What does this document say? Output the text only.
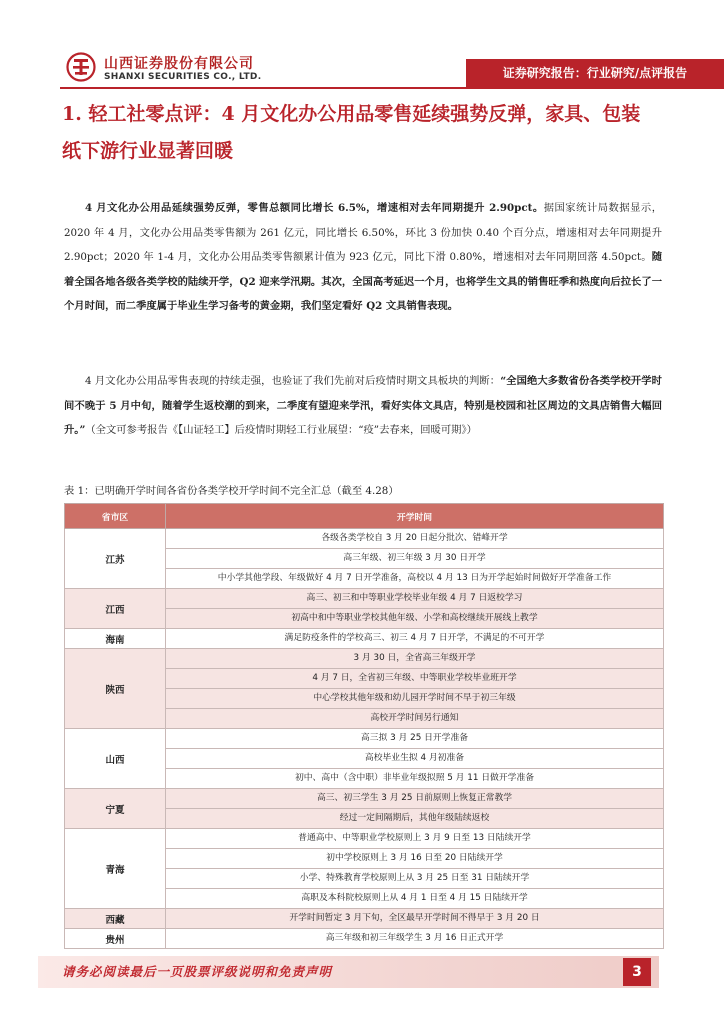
山西证券股份有限公司
SHANXI SECURITIES CO., LTD.	证券研究报告：行业研究/点评报告
1. 轻工社零点评：4 月文化办公用品零售延续强势反弹，家具、包装
纸下游行业显著回暖

4 月文化办公用品延续强势反弹，零售总额同比增长 6.5%，增速相对去年同期提升 2.90pct。据国家统计局数据显示，2020 年 4 月，文化办公用品类零售额为 261 亿元，同比增长 6.50%，环比 3 份加快 0.40 个百分点，增速相对去年同期提升 2.90pct；2020 年 1-4 月，文化办公用品类零售额累计值为 923 亿元，同比下滑 0.80%，增速相对去年同期回落 4.50pct。随着全国各地各级各类学校的陆续开学，Q2 迎来学汛期。其次，全国高考延迟一个月，也将学生文具的销售旺季和热度向后拉长了一个月时间，而二季度属于毕业生学习备考的黄金期，我们坚定看好 Q2 文具销售表现。

4 月文化办公用品零售表现的持续走强，也验证了我们先前对后疫情时期文具板块的判断：“全国绝大多数省份各类学校开学时间不晚于 5 月中旬，随着学生返校潮的到来，二季度有望迎来学汛，看好实体文具店，特别是校园和社区周边的文具店销售大幅回升。”（全文可参考报告《【山证轻工】后疫情时期轻工行业展望：“疫”去春来，回暖可期》）

表 1：已明确开学时间各省份各类学校开学时间不完全汇总（截至 4.28）
省市区	开学时间
江苏	各级各类学校自 3 月 20 日起分批次、错峰开学
	高三年级、初三年级 3 月 30 日开学
	中小学其他学段、年级做好 4 月 7 日开学准备，高校以 4 月 13 日为开学起始时间做好开学准备工作
江西	高三、初三和中等职业学校毕业年级 4 月 7 日返校学习
	初高中和中等职业学校其他年级、小学和高校继续开展线上教学
海南	满足防疫条件的学校高三、初三 4 月 7 日开学，不满足的不可开学
陕西	3 月 30 日，全省高三年级开学
	4 月 7 日，全省初三年级、中等职业学校毕业班开学
	中心学校其他年级和幼儿园开学时间不早于初三年级
	高校开学时间另行通知
山西	高三拟 3 月 25 日开学准备
	高校毕业生拟 4 月初准备
	初中、高中（含中职）非毕业年级拟照 5 月 11 日做开学准备
宁夏	高三、初三学生 3 月 25 日前原则上恢复正常教学
	经过一定间隔期后，其他年级陆续返校
青海	普通高中、中等职业学校原则上 3 月 9 日至 13 日陆续开学
	初中学校原则上 3 月 16 日至 20 日陆续开学
	小学、特殊教育学校原则上从 3 月 25 日至 31 日陆续开学
	高职及本科院校原则上从 4 月 1 日至 4 月 15 日陆续开学
西藏	开学时间暂定 3 月下旬，全区最早开学时间不得早于 3 月 20 日
贵州	高三年级和初三年级学生 3 月 16 日正式开学
请务必阅读最后一页股票评级说明和免责声明	3
